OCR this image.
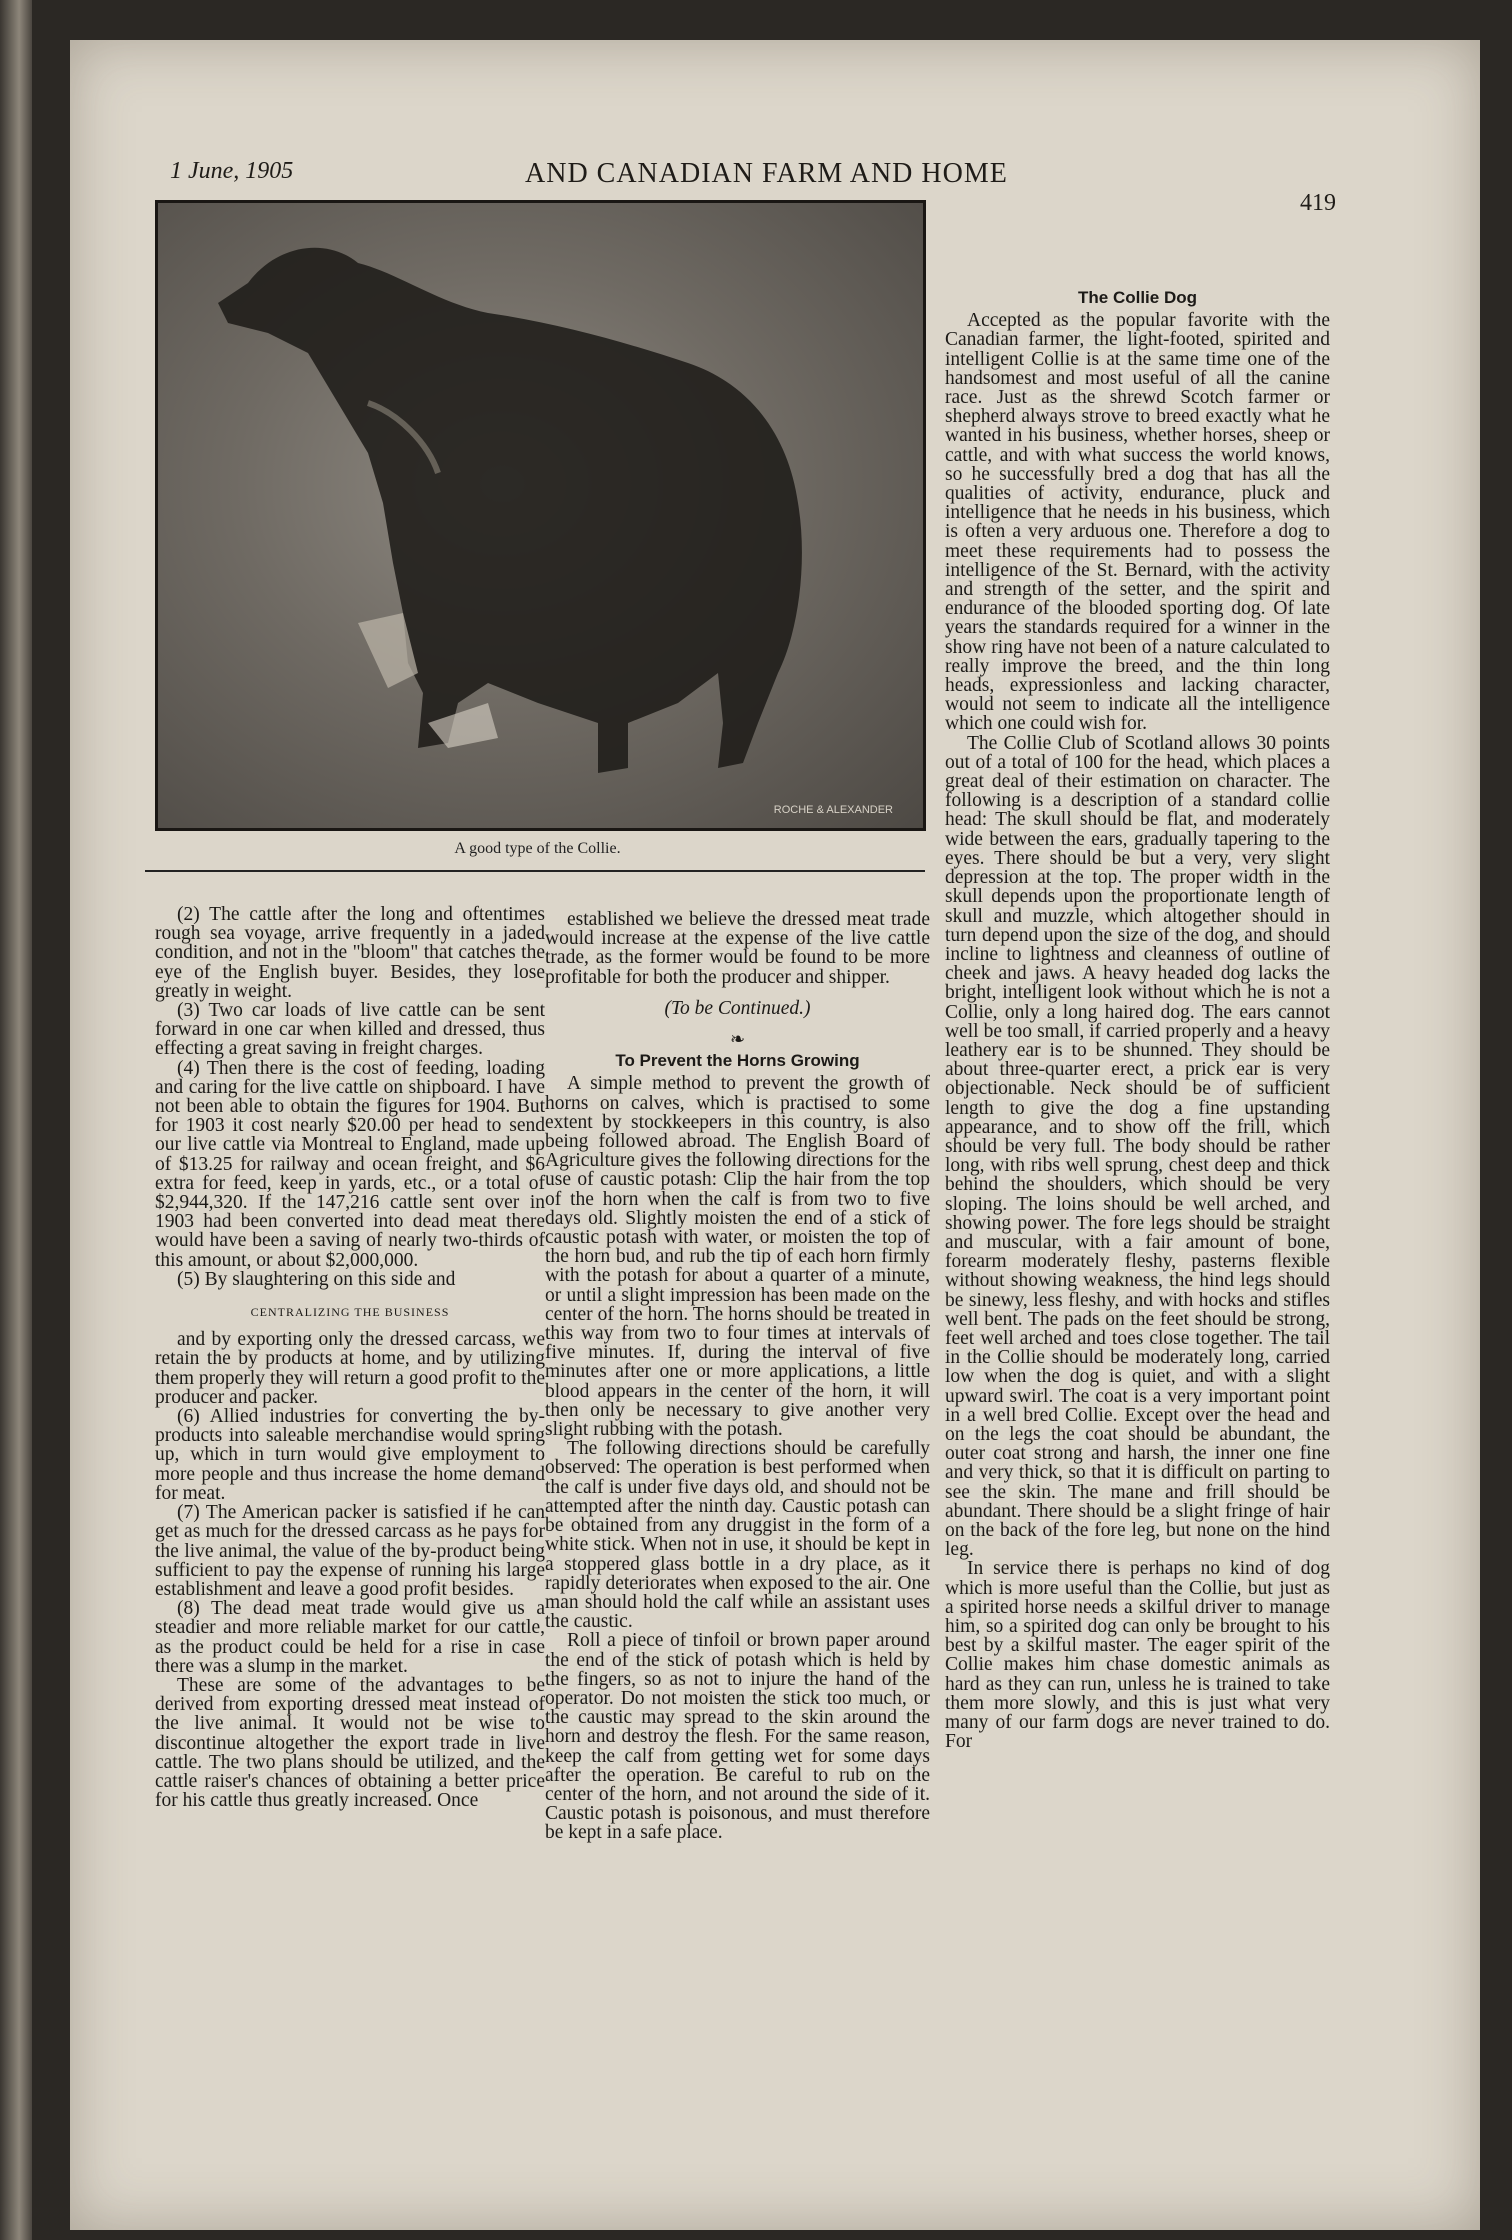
1 June, 1905	AND CANADIAN FARM AND HOME
419
ROCHE & ALEXANDER
A good type of the Collie.

(2) The cattle after the long and oftentimes rough sea voyage, arrive frequently in a jaded condition, and not in the "bloom" that catches the eye of the English buyer. Besides, they lose greatly in weight.

(3) Two car loads of live cattle can be sent forward in one car when killed and dressed, thus effecting a great saving in freight charges.

(4) Then there is the cost of feeding, loading and caring for the live cattle on shipboard. I have not been able to obtain the figures for 1904. But for 1903 it cost nearly $20.00 per head to send our live cattle via Montreal to England, made up of $13.25 for railway and ocean freight, and $6 extra for feed, keep in yards, etc., or a total of $2,944,320. If the 147,216 cattle sent over in 1903 had been converted into dead meat there would have been a saving of nearly two-thirds of this amount, or about $2,000,000.

(5) By slaughtering on this side and

CENTRALIZING THE BUSINESS

and by exporting only the dressed carcass, we retain the by products at home, and by utilizing them properly they will return a good profit to the producer and packer.

(6) Allied industries for converting the by-products into saleable merchandise would spring up, which in turn would give employment to more people and thus increase the home demand for meat.

(7) The American packer is satisfied if he can get as much for the dressed carcass as he pays for the live animal, the value of the by-product being sufficient to pay the expense of running his large establishment and leave a good profit besides.

(8) The dead meat trade would give us a steadier and more reliable market for our cattle, as the product could be held for a rise in case there was a slump in the market.

These are some of the advantages to be derived from exporting dressed meat instead of the live animal. It would not be wise to discontinue altogether the export trade in live cattle. The two plans should be utilized, and the cattle raiser's chances of obtaining a better price for his cattle thus greatly increased. Once

established we believe the dressed meat trade would increase at the expense of the live cattle trade, as the former would be found to be more profitable for both the producer and shipper.

(To be Continued.)
❧
To Prevent the Horns Growing

A simple method to prevent the growth of horns on calves, which is practised to some extent by stockkeepers in this country, is also being followed abroad. The English Board of Agriculture gives the following directions for the use of caustic potash: Clip the hair from the top of the horn when the calf is from two to five days old. Slightly moisten the end of a stick of caustic potash with water, or moisten the top of the horn bud, and rub the tip of each horn firmly with the potash for about a quarter of a minute, or until a slight impression has been made on the center of the horn. The horns should be treated in this way from two to four times at intervals of five minutes. If, during the interval of five minutes after one or more applications, a little blood appears in the center of the horn, it will then only be necessary to give another very slight rubbing with the potash.

The following directions should be carefully observed: The operation is best performed when the calf is under five days old, and should not be attempted after the ninth day. Caustic potash can be obtained from any druggist in the form of a white stick. When not in use, it should be kept in a stoppered glass bottle in a dry place, as it rapidly deteriorates when exposed to the air. One man should hold the calf while an assistant uses the caustic.

Roll a piece of tinfoil or brown paper around the end of the stick of potash which is held by the fingers, so as not to injure the hand of the operator. Do not moisten the stick too much, or the caustic may spread to the skin around the horn and destroy the flesh. For the same reason, keep the calf from getting wet for some days after the operation. Be careful to rub on the center of the horn, and not around the side of it. Caustic potash is poisonous, and must therefore be kept in a safe place.

The Collie Dog

Accepted as the popular favorite with the Canadian farmer, the light-footed, spirited and intelligent Collie is at the same time one of the handsomest and most useful of all the canine race. Just as the shrewd Scotch farmer or shepherd always strove to breed exactly what he wanted in his business, whether horses, sheep or cattle, and with what success the world knows, so he successfully bred a dog that has all the qualities of activity, endurance, pluck and intelligence that he needs in his business, which is often a very arduous one. Therefore a dog to meet these requirements had to possess the intelligence of the St. Bernard, with the activity and strength of the setter, and the spirit and endurance of the blooded sporting dog. Of late years the standards required for a winner in the show ring have not been of a nature calculated to really improve the breed, and the thin long heads, expressionless and lacking character, would not seem to indicate all the intelligence which one could wish for.

The Collie Club of Scotland allows 30 points out of a total of 100 for the head, which places a great deal of their estimation on character. The following is a description of a standard collie head: The skull should be flat, and moderately wide between the ears, gradually tapering to the eyes. There should be but a very, very slight depression at the top. The proper width in the skull depends upon the proportionate length of skull and muzzle, which altogether should in turn depend upon the size of the dog, and should incline to lightness and cleanness of outline of cheek and jaws. A heavy headed dog lacks the bright, intelligent look without which he is not a Collie, only a long haired dog. The ears cannot well be too small, if carried properly and a heavy leathery ear is to be shunned. They should be about three-quarter erect, a prick ear is very objectionable. Neck should be of sufficient length to give the dog a fine upstanding appearance, and to show off the frill, which should be very full. The body should be rather long, with ribs well sprung, chest deep and thick behind the shoulders, which should be very sloping. The loins should be well arched, and showing power. The fore legs should be straight and muscular, with a fair amount of bone, forearm moderately fleshy, pasterns flexible without showing weakness, the hind legs should be sinewy, less fleshy, and with hocks and stifles well bent. The pads on the feet should be strong, feet well arched and toes close together. The tail in the Collie should be moderately long, carried low when the dog is quiet, and with a slight upward swirl. The coat is a very important point in a well bred Collie. Except over the head and on the legs the coat should be abundant, the outer coat strong and harsh, the inner one fine and very thick, so that it is difficult on parting to see the skin. The mane and frill should be abundant. There should be a slight fringe of hair on the back of the fore leg, but none on the hind leg.

In service there is perhaps no kind of dog which is more useful than the Collie, but just as a spirited horse needs a skilful driver to manage him, so a spirited dog can only be brought to his best by a skilful master. The eager spirit of the Collie makes him chase domestic animals as hard as they can run, unless he is trained to take them more slowly, and this is just what very many of our farm dogs are never trained to do. For
